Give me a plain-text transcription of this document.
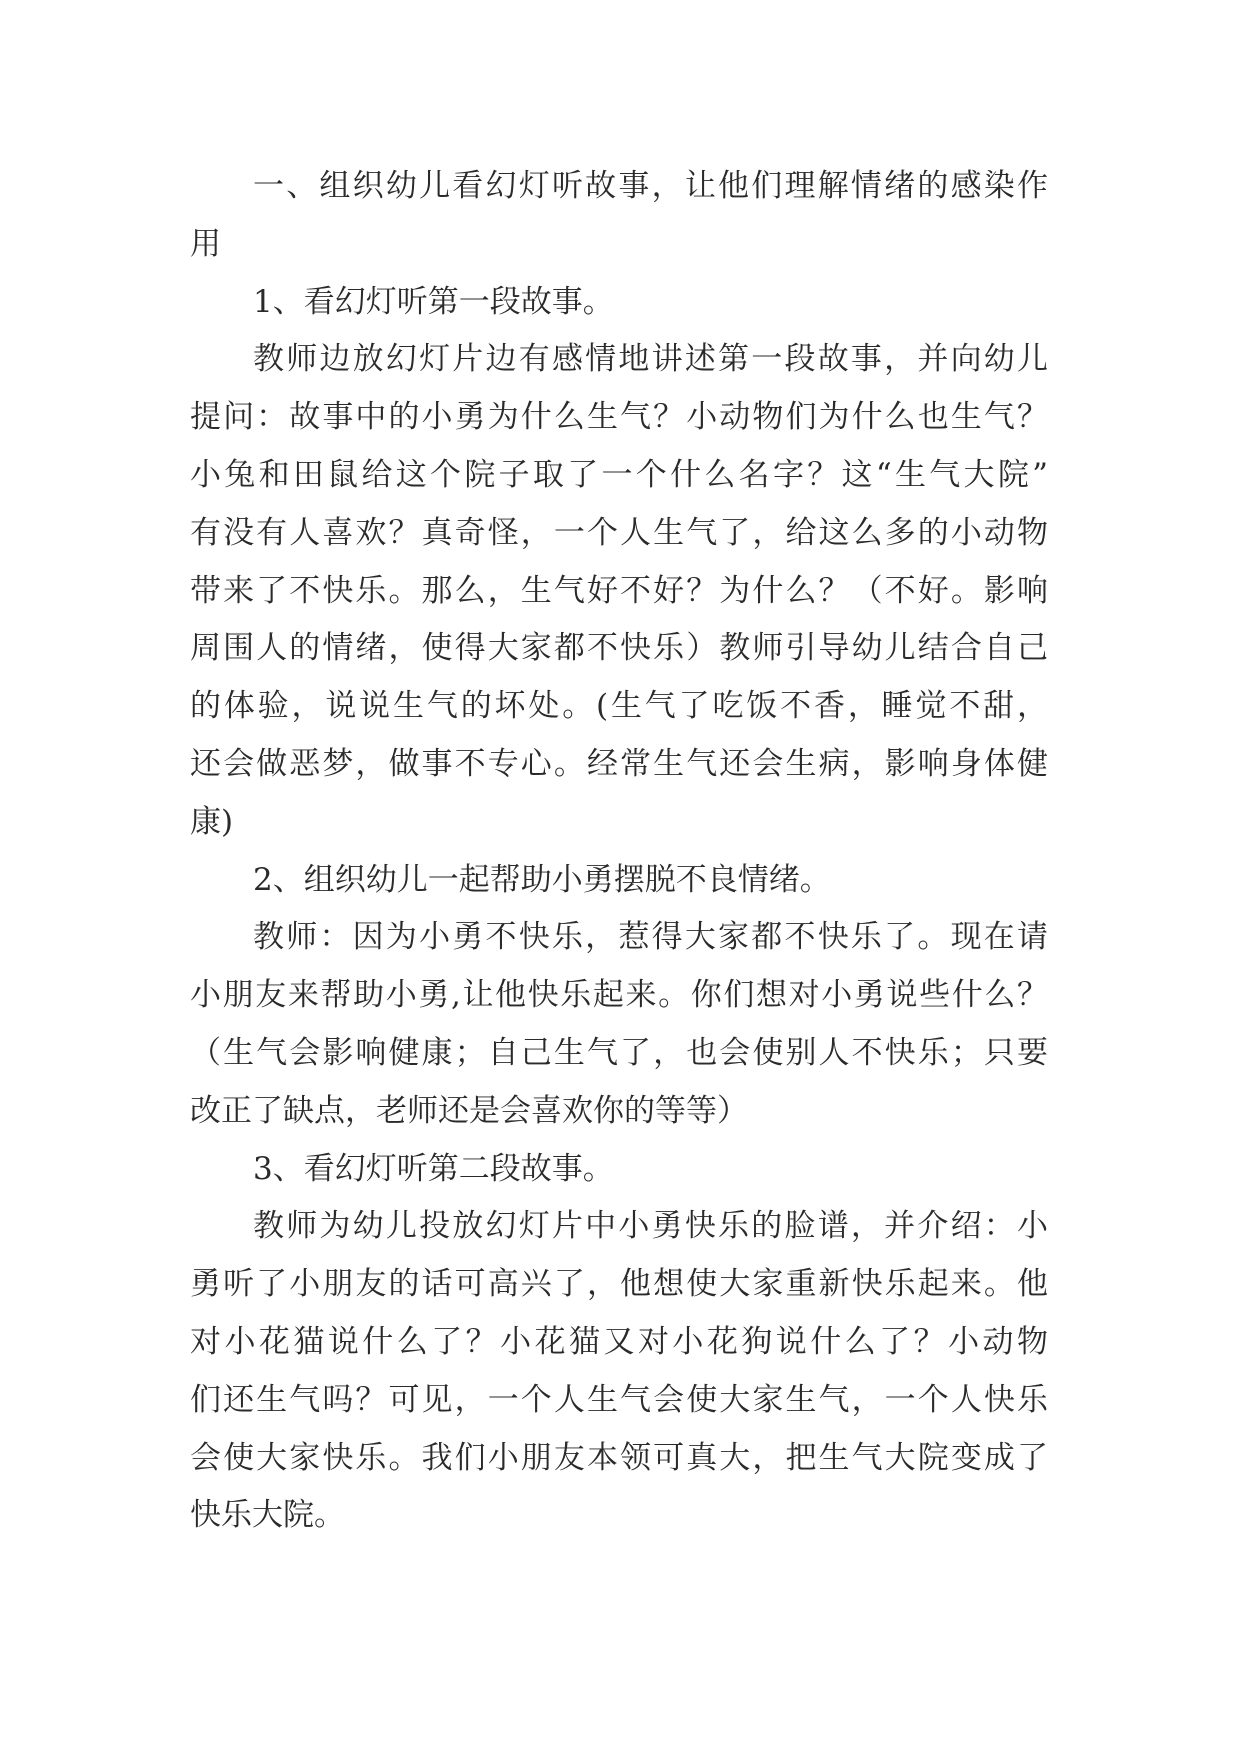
一、组织幼儿看幻灯听故事，让他们理解情绪的感染作
用
1、看幻灯听第一段故事。
教师边放幻灯片边有感情地讲述第一段故事，并向幼儿
提问：故事中的小勇为什么生气？小动物们为什么也生气？
小兔和田鼠给这个院子取了一个什么名字？这“生气大院”
有没有人喜欢？真奇怪，一个人生气了，给这么多的小动物
带来了不快乐。那么，生气好不好？为什么？（不好。影响
周围人的情绪，使得大家都不快乐）教师引导幼儿结合自己
的体验，说说生气的坏处。(生气了吃饭不香，睡觉不甜，
还会做恶梦，做事不专心。经常生气还会生病，影响身体健
康)
2、组织幼儿一起帮助小勇摆脱不良情绪。
教师：因为小勇不快乐，惹得大家都不快乐了。现在请
小朋友来帮助小勇,让他快乐起来。你们想对小勇说些什么？
（生气会影响健康；自己生气了，也会使别人不快乐；只要
改正了缺点，老师还是会喜欢你的等等）
3、看幻灯听第二段故事。
教师为幼儿投放幻灯片中小勇快乐的脸谱，并介绍：小
勇听了小朋友的话可高兴了，他想使大家重新快乐起来。他
对小花猫说什么了？小花猫又对小花狗说什么了？小动物
们还生气吗？可见，一个人生气会使大家生气，一个人快乐
会使大家快乐。我们小朋友本领可真大，把生气大院变成了
快乐大院。
